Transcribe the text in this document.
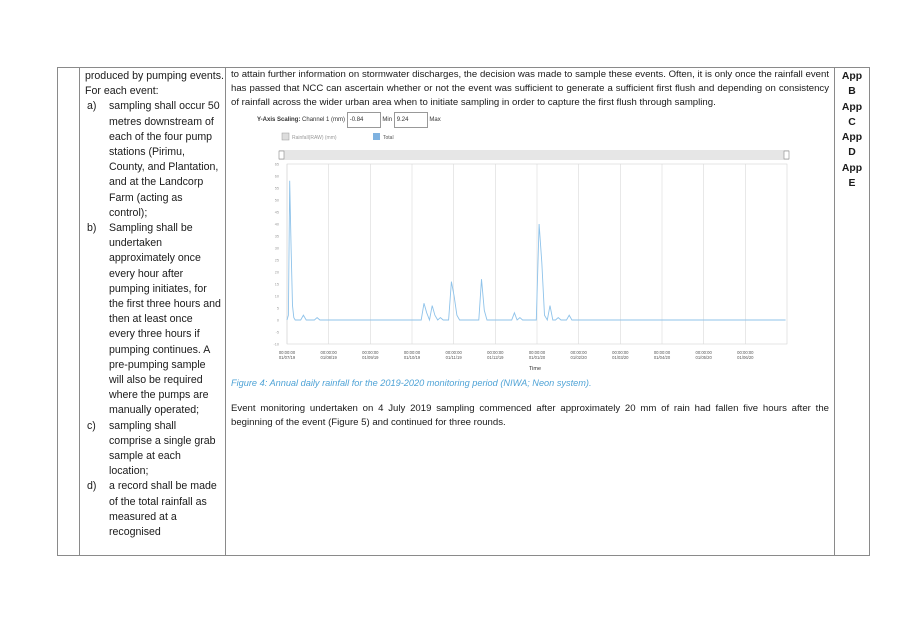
produced by pumping events. For each event:
a) sampling shall occur 50 metres downstream of each of the four pump stations (Pirimu, County, and Plantation, and at the Landcorp Farm (acting as control);
b) Sampling shall be undertaken approximately once every hour after pumping initiates, for the first three hours and then at least once every three hours if pumping continues. A pre-pumping sample will also be required where the pumps are manually operated;
c) sampling shall comprise a single grab sample at each location;
d) a record shall be made of the total rainfall as measured at a recognised

to attain further information on stormwater discharges, the decision was made to sample these events. Often, it is only once the rainfall event has passed that NCC can ascertain whether or not the event was sufficient to generate a sufficient first flush and depending on consistency of rainfall across the wider urban area when to initiate sampling in order to capture the first flush through sampling.

Y-Axis Scaling: Channel 1 (mm) -0.84	Min 9.24	Max
Rainfall(RAW) (mm)	Total
-10
-5
0
5
10
15
20
25
30
35
40
45
50
55
60
65
00:00:00
01/07/19
00:00:00
01/08/19
00:00:00
01/09/19
00:00:00
01/10/19
00:00:00
01/11/19
00:00:00
01/12/19
00:00:00
01/01/20
00:00:00
01/02/20
00:00:00
01/03/20
00:00:00
01/04/20
00:00:00
01/05/20
00:00:00
01/06/20
Time

Figure 4: Annual daily rainfall for the 2019-2020 monitoring period (NIWA; Neon system).

Event monitoring undertaken on 4 July 2019 sampling commenced after approximately 20 mm of rain had fallen five hours after the beginning of the event (Figure 5) and continued for three rounds.

App
B
App
C
App
D
App
E
